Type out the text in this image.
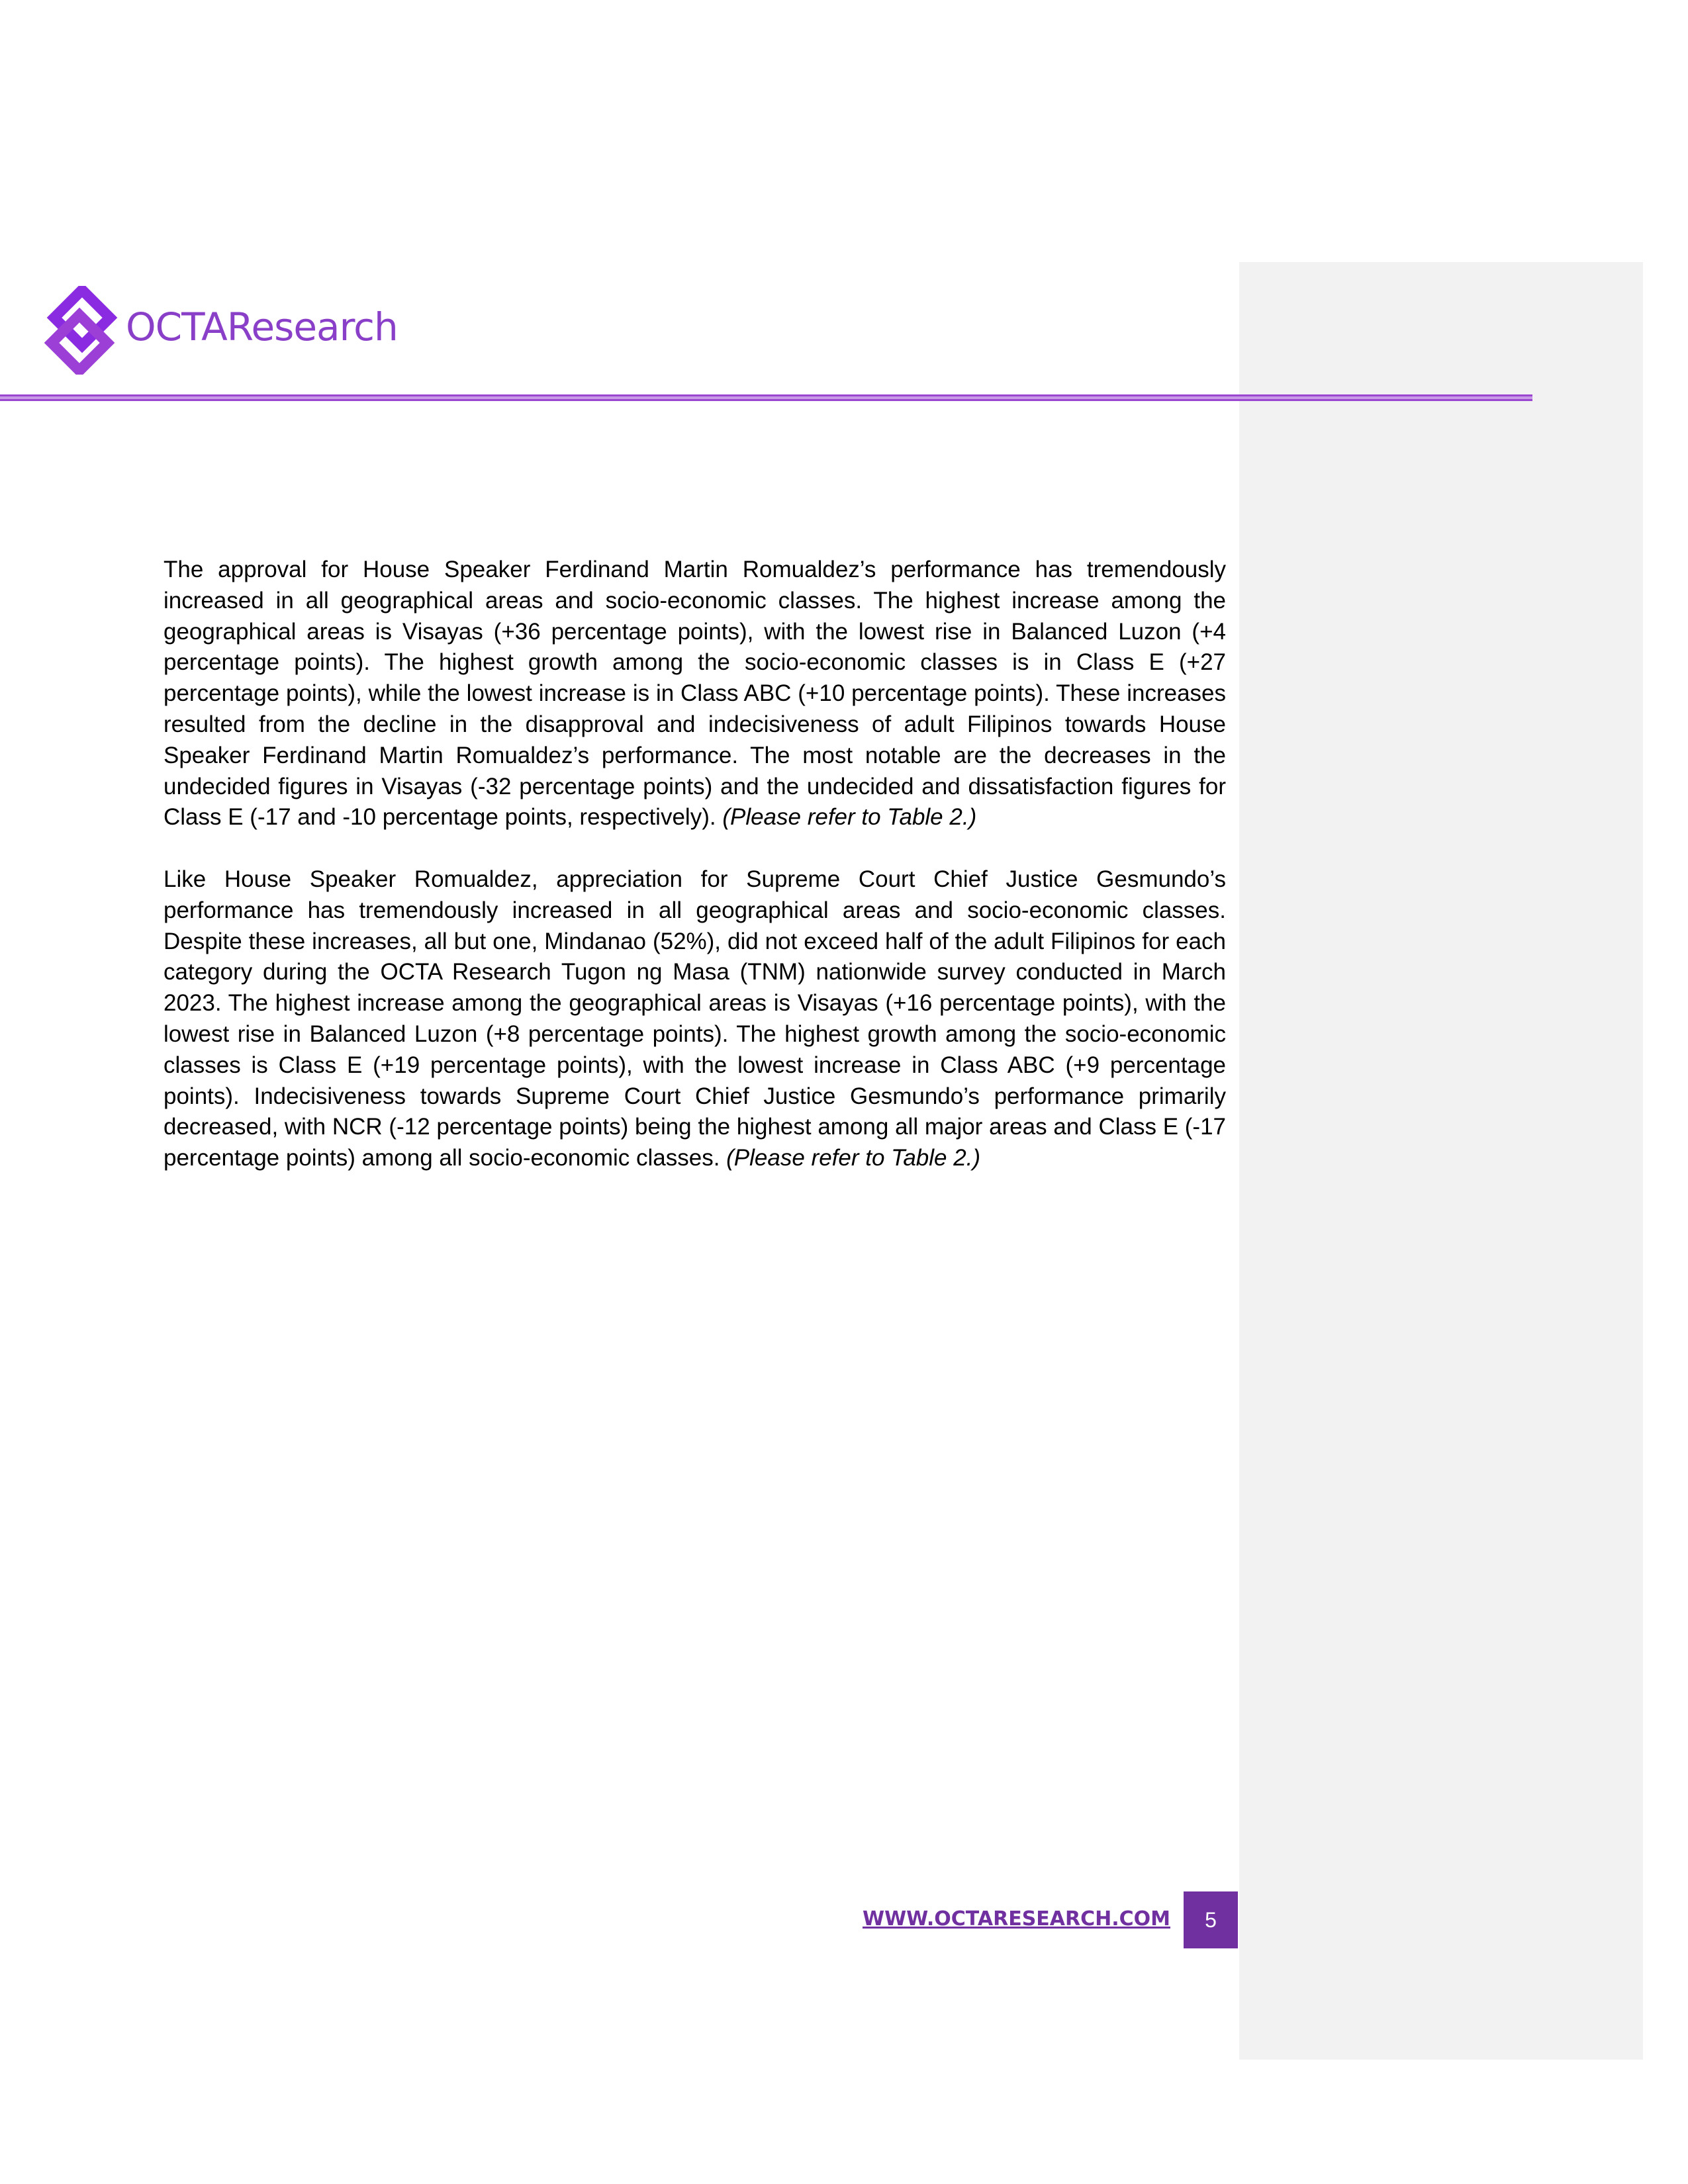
OCTAResearch

The approval for House Speaker Ferdinand Martin Romualdez’s performance has tremendously increased in all geographical areas and socio-economic classes. The highest increase among the geographical areas is Visayas (+36 percentage points), with the lowest rise in Balanced Luzon (+4 percentage points). The highest growth among the socio-economic classes is in Class E (+27 percentage points), while the lowest increase is in Class ABC (+10 percentage points). These increases resulted from the decline in the disapproval and indecisiveness of adult Filipinos towards House Speaker Ferdinand Martin Romualdez’s performance. The most notable are the decreases in the undecided figures in Visayas (-32 percentage points) and the undecided and dissatisfaction figures for Class E (-17 and -10 percentage points, respectively). (Please refer to Table 2.)

Like House Speaker Romualdez, appreciation for Supreme Court Chief Justice Gesmundo’s performance has tremendously increased in all geographical areas and socio-economic classes. Despite these increases, all but one, Mindanao (52%), did not exceed half of the adult Filipinos for each category during the OCTA Research Tugon ng Masa (TNM) nationwide survey conducted in March 2023. The highest increase among the geographical areas is Visayas (+16 percentage points), with the lowest rise in Balanced Luzon (+8 percentage points). The highest growth among the socio-economic classes is Class E (+19 percentage points), with the lowest increase in Class ABC (+9 percentage points). Indecisiveness towards Supreme Court Chief Justice Gesmundo’s performance primarily decreased, with NCR (-12 percentage points) being the highest among all major areas and Class E (-17 percentage points) among all socio-economic classes. (Please refer to Table 2.)

WWW.OCTARESEARCH.COM 5
